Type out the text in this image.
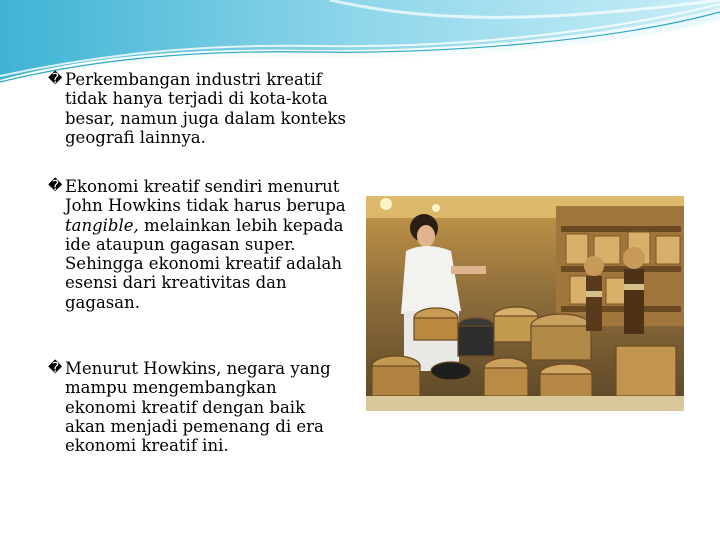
� Perkembangan industri kreatif tidak hanya terjadi di kota-kota besar, namun juga dalam konteks geografi lainnya.
� Ekonomi kreatif sendiri menurut John Howkins tidak harus berupa tangible, melainkan lebih kepada ide ataupun gagasan super. Sehingga ekonomi kreatif adalah esensi dari kreativitas dan gagasan.
� Menurut Howkins, negara yang mampu mengembangkan ekonomi kreatif dengan baik akan menjadi pemenang di era ekonomi kreatif ini.
